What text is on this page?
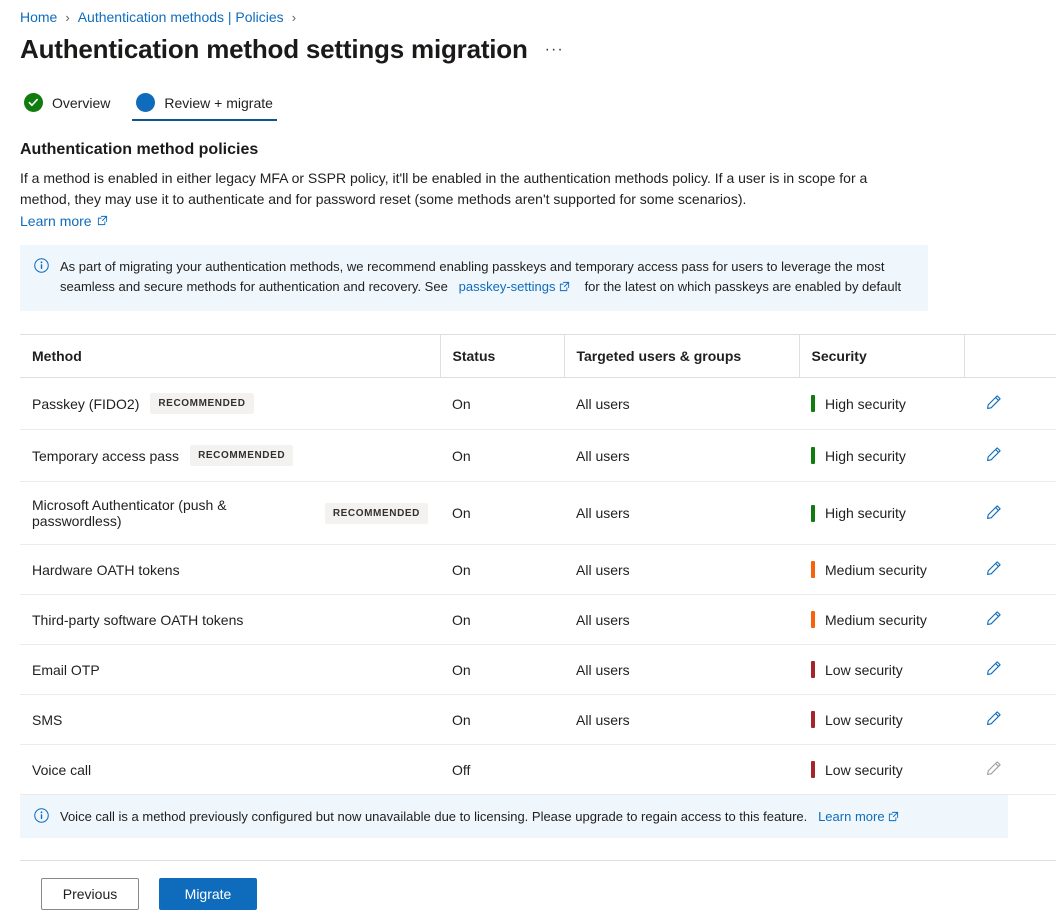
Home › Authentication methods | Policies ›
Authentication method settings migration ···
Overview	Review + migrate
Authentication method policies
If a method is enabled in either legacy MFA or SSPR policy, it'll be enabled in the authentication methods policy. If a user is in scope for a method, they may use it to authenticate and for password reset (some methods aren't supported for some scenarios).
Learn more
As part of migrating your authentication methods, we recommend enabling passkeys and temporary access pass for users to leverage the most seamless and secure methods for authentication and recovery. See passkey-settings for the latest on which passkeys are enabled by default
Method	Status	Targeted users & groups	Security	

Passkey (FIDO2) RECOMMENDED	On	All users	High security

Temporary access pass RECOMMENDED	On	All users	High security

Microsoft Authenticator (push & passwordless) RECOMMENDED	On	All users	High security

Hardware OATH tokens	On	All users	Medium security

Third-party software OATH tokens	On	All users	Medium security

Email OTP	On	All users	Low security

SMS	On	All users	Low security

Voice call	Off		Low security

Voice call is a method previously configured but now unavailable due to licensing. Please upgrade to regain access to this feature. Learn more
Previous	Migrate
